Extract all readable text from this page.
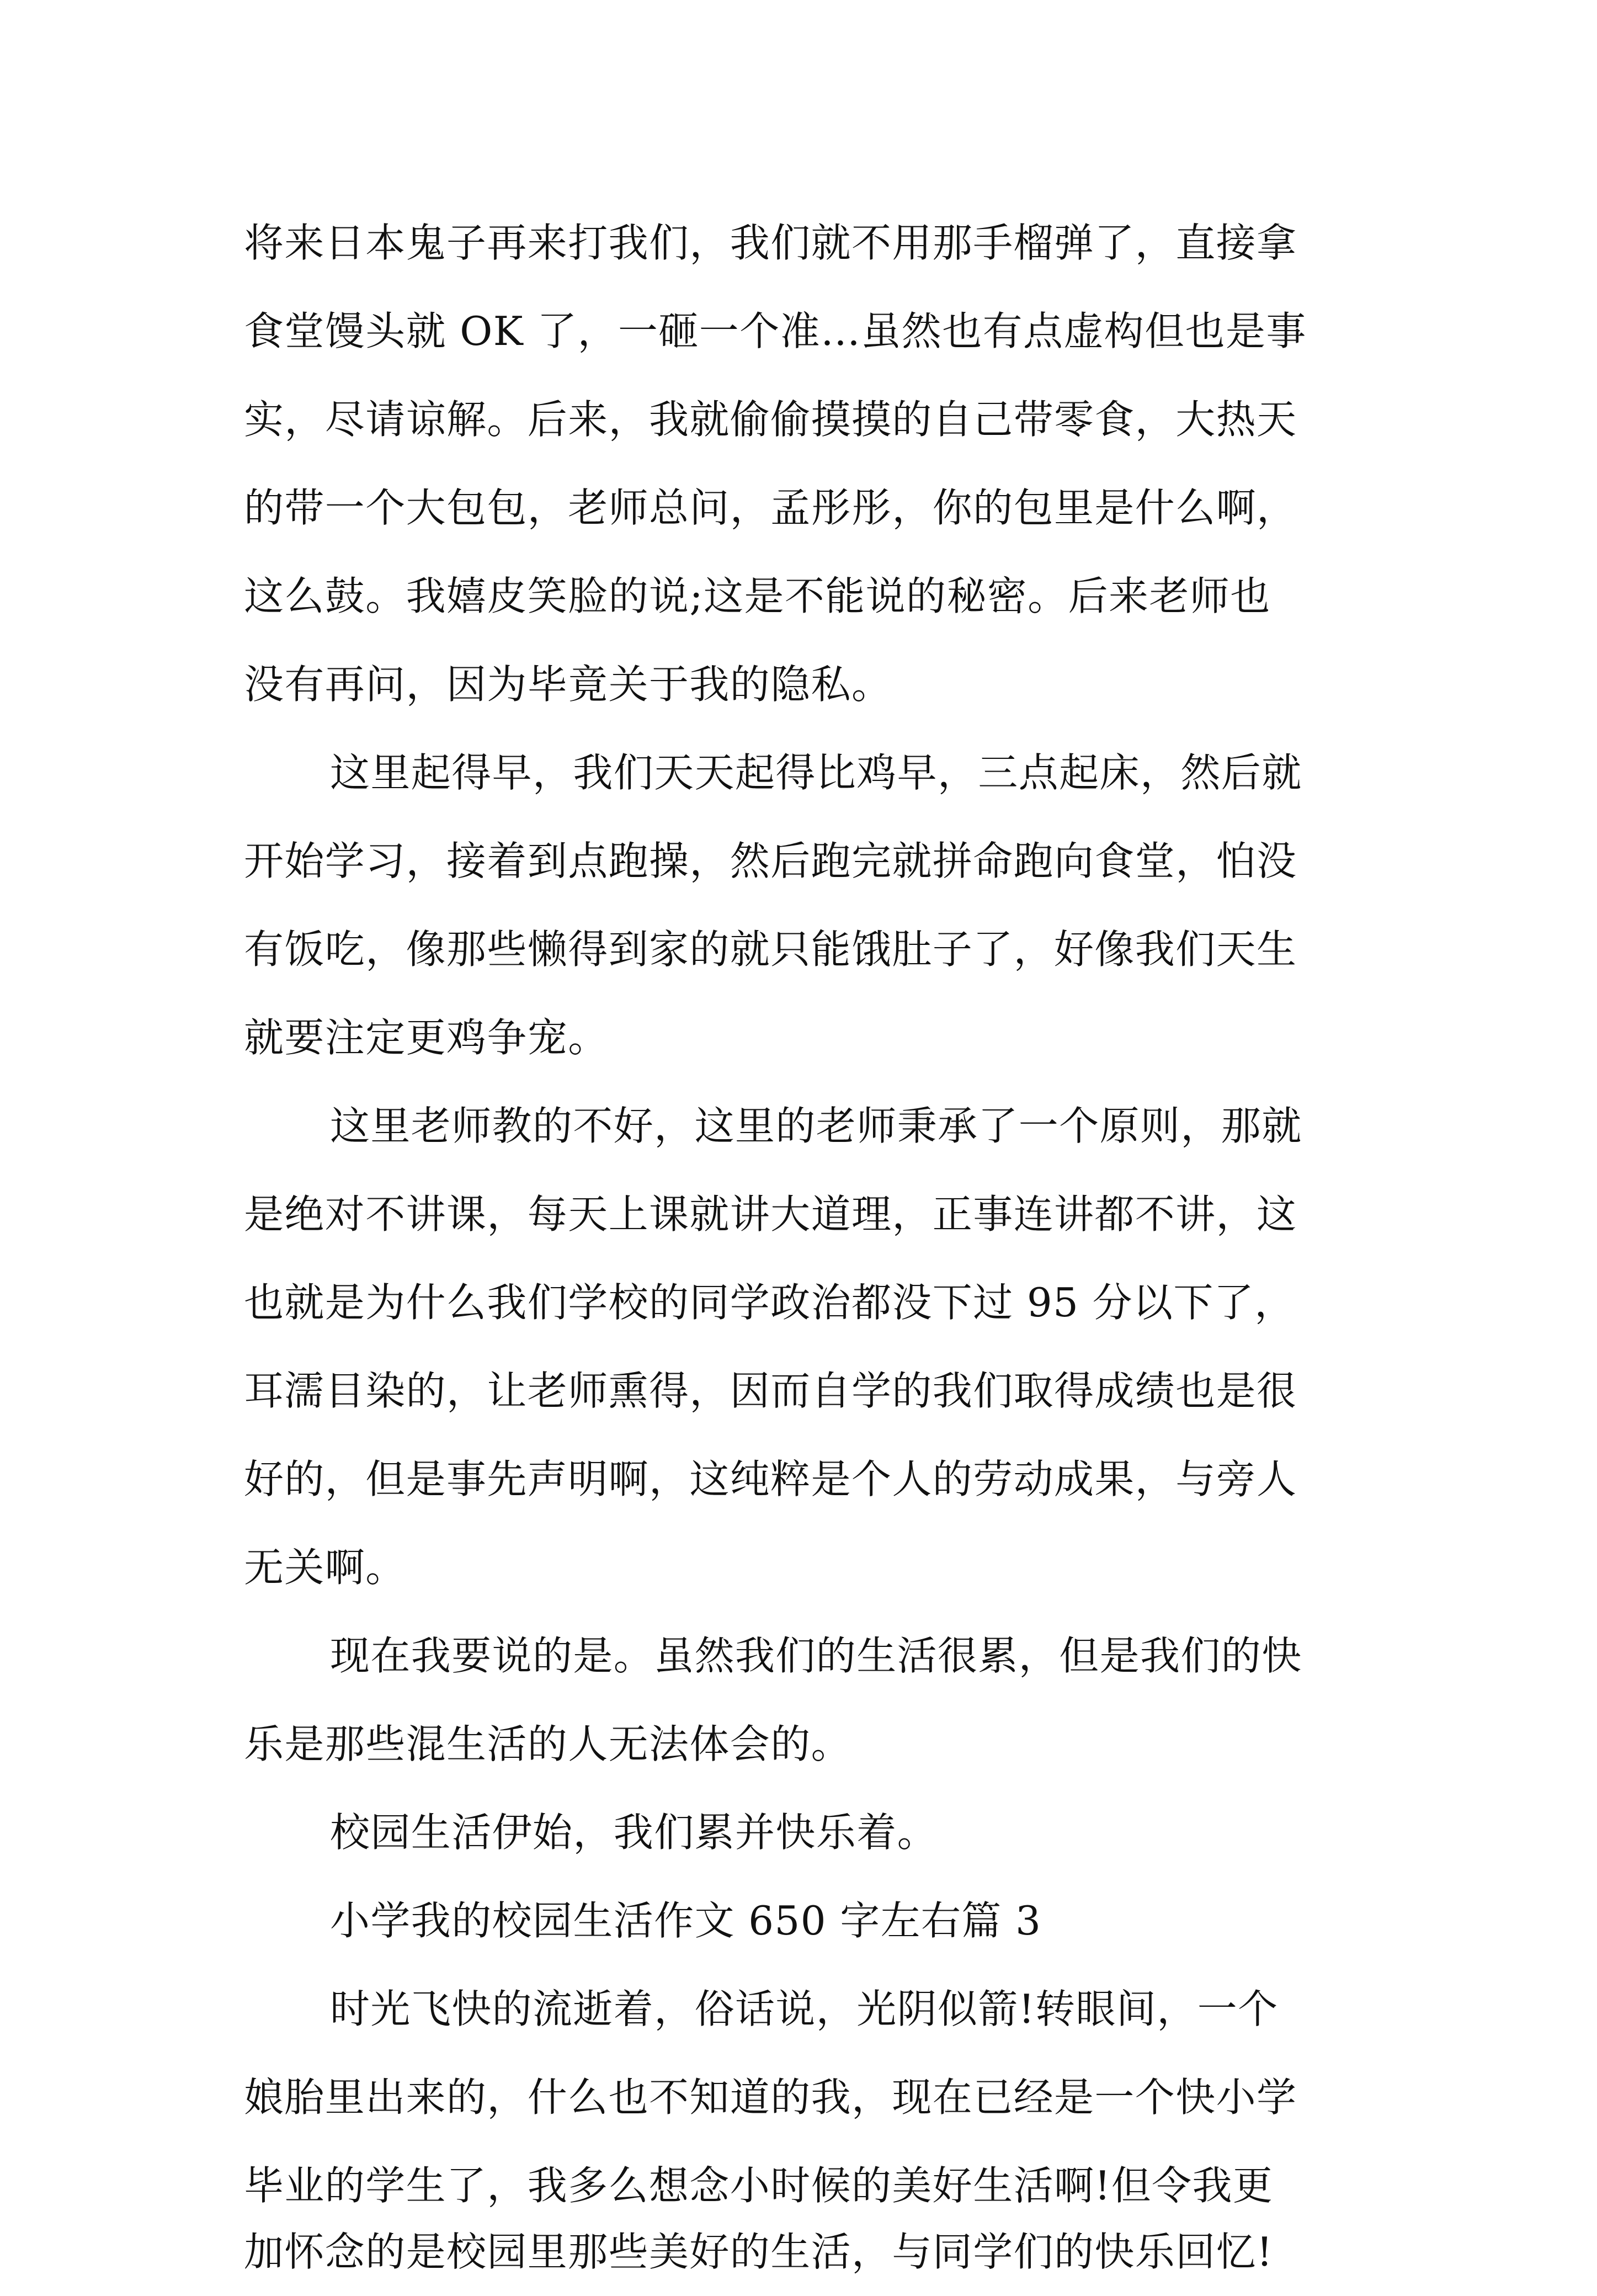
将来日本鬼子再来打我们，我们就不用那手榴弹了，直接拿
食堂馒头就 OK 了，一砸一个准…虽然也有点虚构但也是事
实，尽请谅解。后来，我就偷偷摸摸的自己带零食，大热天
的带一个大包包，老师总问，孟彤彤，你的包里是什么啊，
这么鼓。我嬉皮笑脸的说;这是不能说的秘密。后来老师也
没有再问，因为毕竟关于我的隐私。
这里起得早，我们天天起得比鸡早，三点起床，然后就
开始学习，接着到点跑操，然后跑完就拼命跑向食堂，怕没
有饭吃，像那些懒得到家的就只能饿肚子了，好像我们天生
就要注定更鸡争宠。
这里老师教的不好，这里的老师秉承了一个原则，那就
是绝对不讲课，每天上课就讲大道理，正事连讲都不讲，这
也就是为什么我们学校的同学政治都没下过 95 分以下了，
耳濡目染的，让老师熏得，因而自学的我们取得成绩也是很
好的，但是事先声明啊，这纯粹是个人的劳动成果，与旁人
无关啊。
现在我要说的是。虽然我们的生活很累，但是我们的快
乐是那些混生活的人无法体会的。
校园生活伊始，我们累并快乐着。
小学我的校园生活作文 650 字左右篇 3
时光飞快的流逝着，俗话说，光阴似箭!转眼间，一个
娘胎里出来的，什么也不知道的我，现在已经是一个快小学
毕业的学生了，我多么想念小时候的美好生活啊!但令我更
加怀念的是校园里那些美好的生活，与同学们的快乐回忆!
